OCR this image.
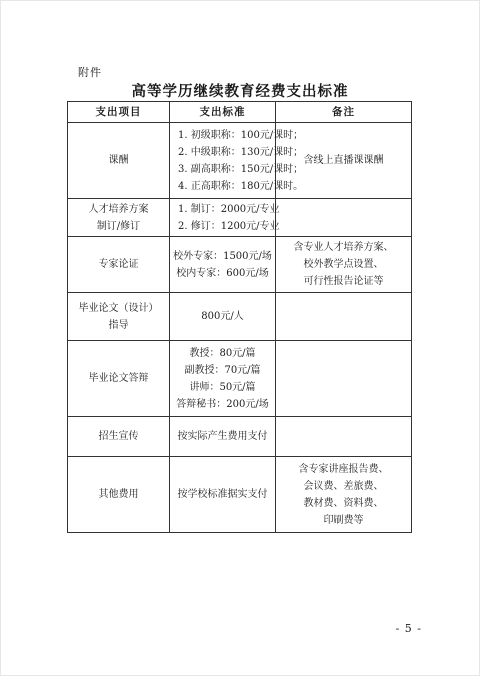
附件
高等学历继续教育经费支出标准
支出项目	支出标准	备注

课酬	1. 初级职称：100元/课时；
2. 中级职称：130元/课时；
3. 副高职称：150元/课时；
4. 正高职称：180元/课时。	含线上直播课课酬

人才培养方案
制订/修订	1. 制订：2000元/专业
2. 修订：1200元/专业	

专家论证	校外专家：1500元/场
校内专家：600元/场	含专业人才培养方案、
校外教学点设置、
可行性报告论证等

毕业论文（设计）
指导	800元/人	

毕业论文答辩	教授：80元/篇
副教授：70元/篇
讲师：50元/篇
答辩秘书：200元/场	

招生宣传	按实际产生费用支付	

其他费用	按学校标准据实支付	含专家讲座报告费、
会议费、差旅费、
教材费、资料费、
印刷费等
- 5 -
